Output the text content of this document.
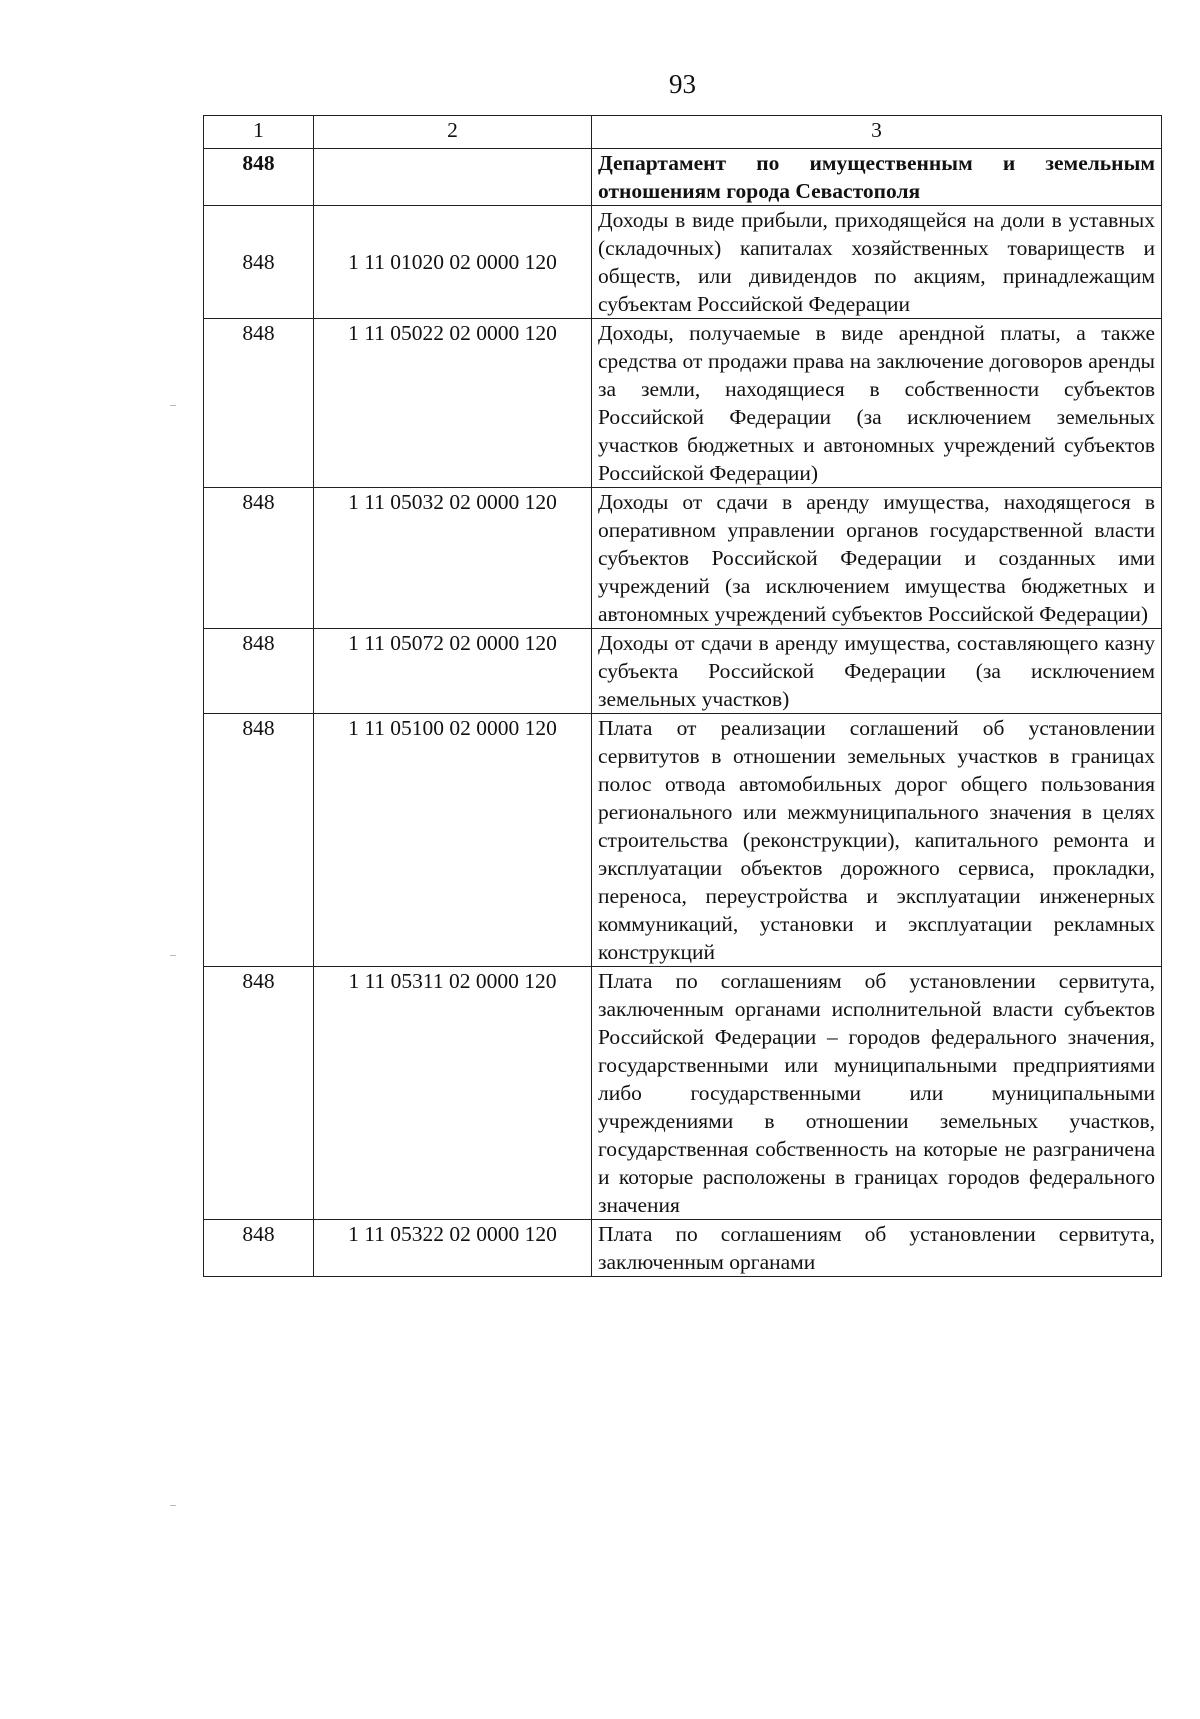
93
1	2	3
848		Департамент по имущественным и земельным отношениям города Севастополя
848	1 11 01020 02 0000 120	Доходы в виде прибыли, приходящейся на доли в уставных (складочных) капиталах хозяйственных товариществ и обществ, или дивидендов по акциям, принадлежащим субъектам Российской Федерации
848	1 11 05022 02 0000 120	Доходы, получаемые в виде арендной платы, а также средства от продажи права на заключение договоров аренды за земли, находящиеся в собственности субъектов Российской Федерации (за исключением земельных участков бюджетных и автономных учреждений субъектов Российской Федерации)
848	1 11 05032 02 0000 120	Доходы от сдачи в аренду имущества, находящегося в оперативном управлении органов государственной власти субъектов Российской Федерации и созданных ими учреждений (за исключением имущества бюджетных и автономных учреждений субъектов Российской Федерации)
848	1 11 05072 02 0000 120	Доходы от сдачи в аренду имущества, составляющего казну субъекта Российской Федерации (за исключением земельных участков)
848	1 11 05100 02 0000 120	Плата от реализации соглашений об установлении сервитутов в отношении земельных участков в границах полос отвода автомобильных дорог общего пользования регионального или межмуниципального значения в целях строительства (реконструкции), капитального ремонта и эксплуатации объектов дорожного сервиса, прокладки, переноса, переустройства и эксплуатации инженерных коммуникаций, установки и эксплуатации рекламных конструкций
848	1 11 05311 02 0000 120	Плата по соглашениям об установлении сервитута, заключенным органами исполнительной власти субъектов Российской Федерации – городов федерального значения, государственными или муниципальными предприятиями либо государственными или муниципальными учреждениями в отношении земельных участков, государственная собственность на которые не разграничена и которые расположены в границах городов федерального значения
848	1 11 05322 02 0000 120	Плата по соглашениям об установлении сервитута, заключенным органами
